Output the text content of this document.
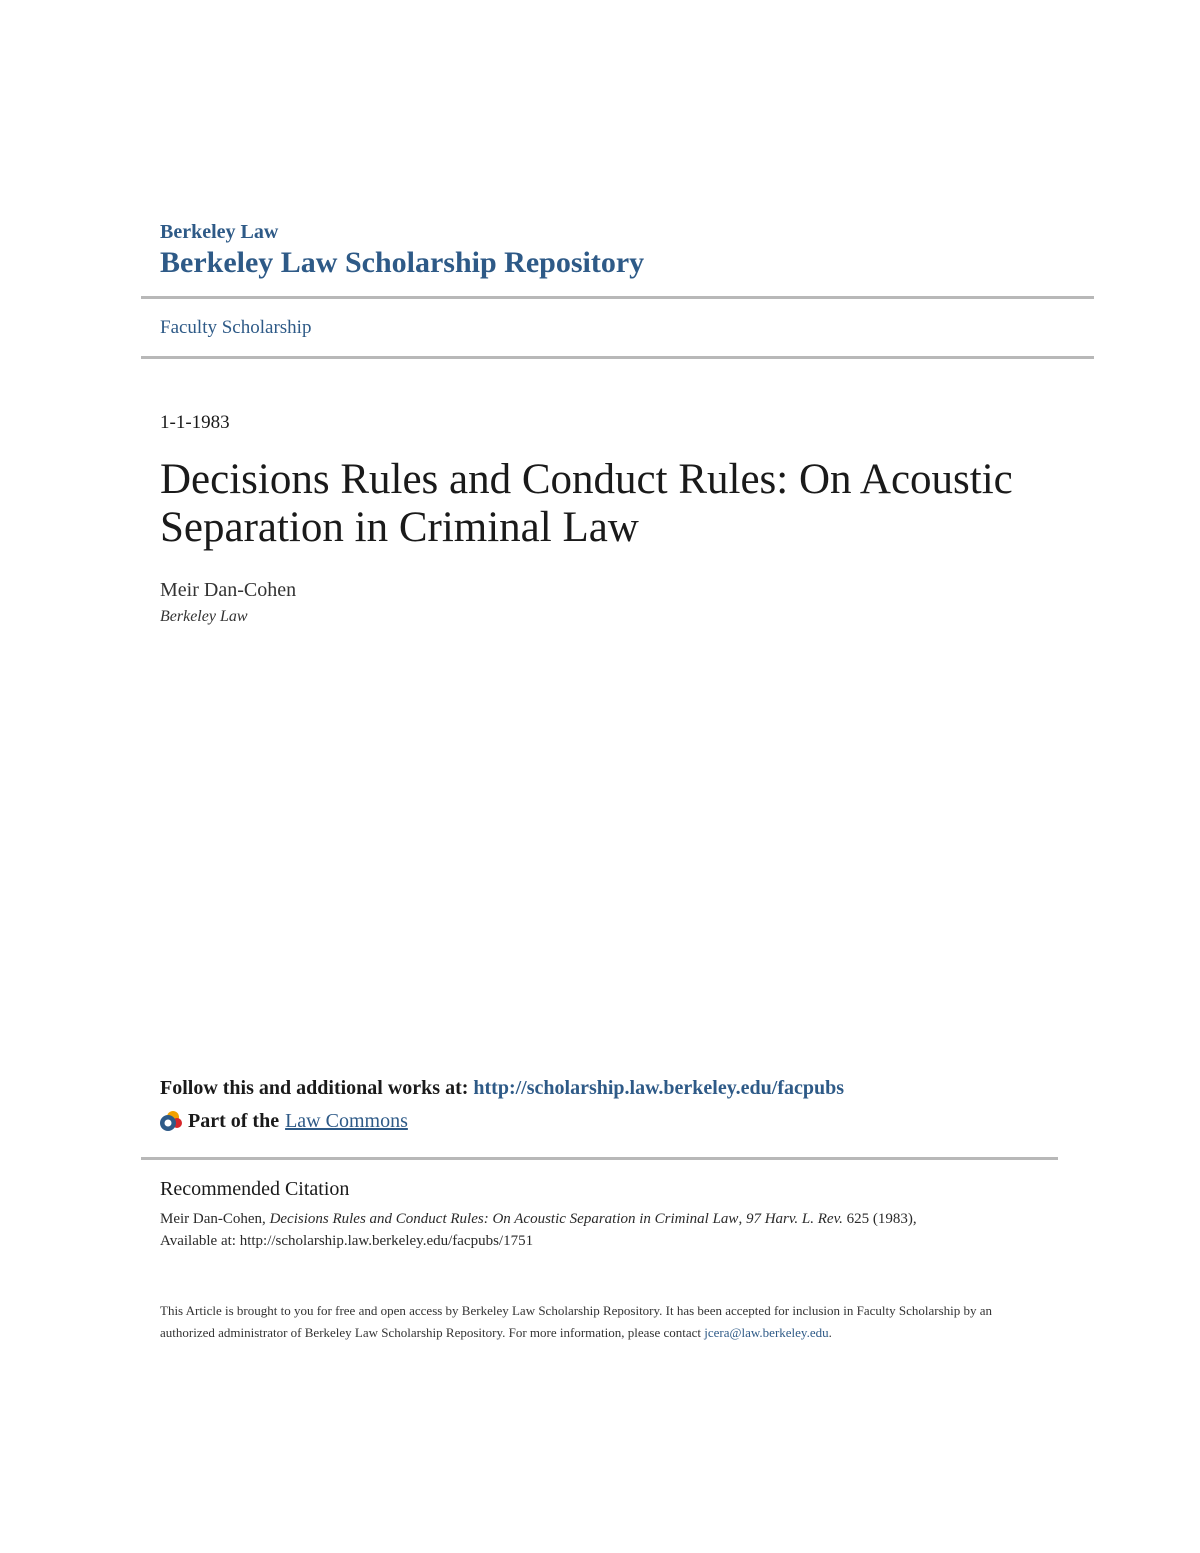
Berkeley Law
Berkeley Law Scholarship Repository
Faculty Scholarship
1-1-1983
Decisions Rules and Conduct Rules: On Acoustic Separation in Criminal Law
Meir Dan-Cohen
Berkeley Law
Follow this and additional works at: http://scholarship.law.berkeley.edu/facpubs
Part of the Law Commons
Recommended Citation
Meir Dan-Cohen, Decisions Rules and Conduct Rules: On Acoustic Separation in Criminal Law, 97 Harv. L. Rev. 625 (1983),
Available at: http://scholarship.law.berkeley.edu/facpubs/1751
This Article is brought to you for free and open access by Berkeley Law Scholarship Repository. It has been accepted for inclusion in Faculty Scholarship by an authorized administrator of Berkeley Law Scholarship Repository. For more information, please contact jcera@law.berkeley.edu.
